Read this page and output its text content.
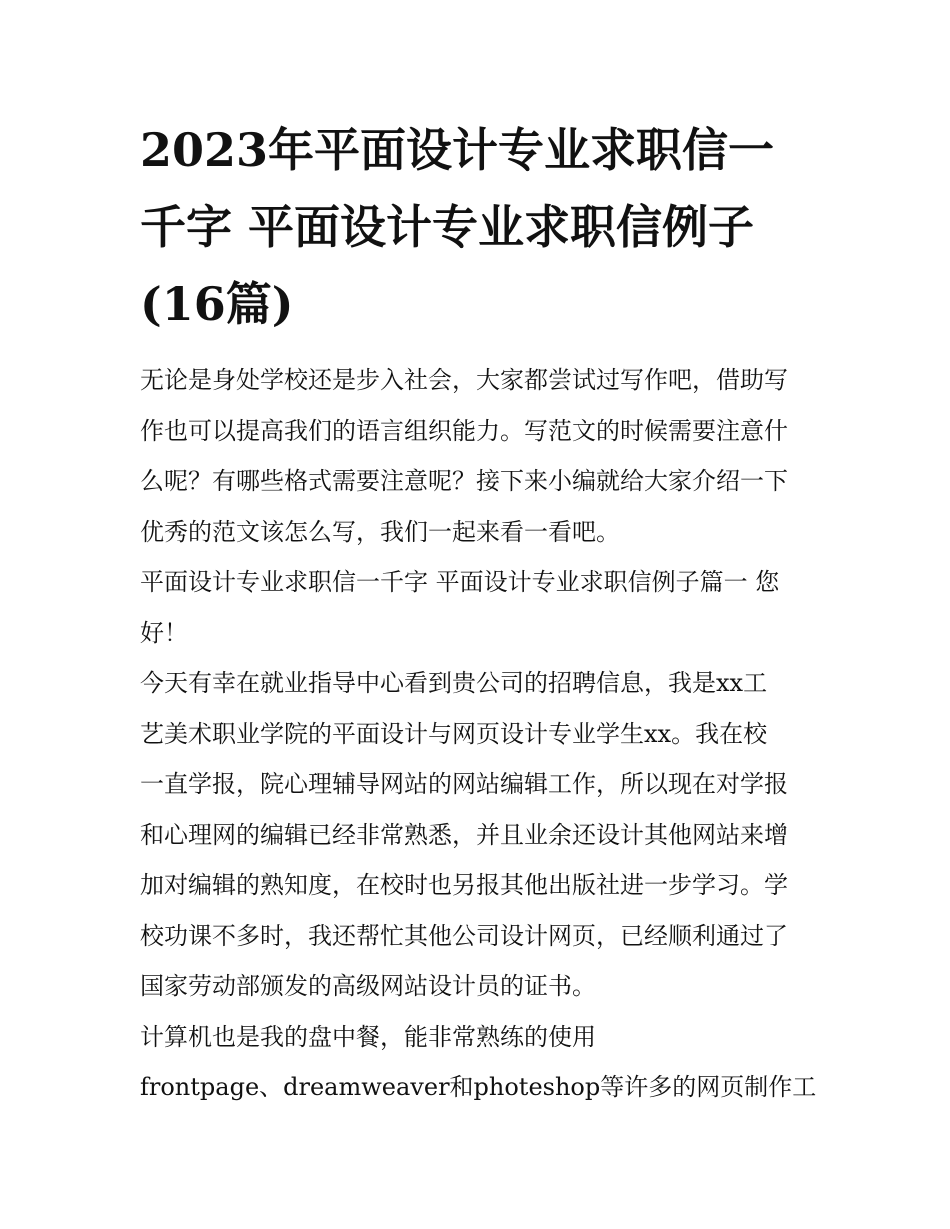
2023年平面设计专业求职信一
千字 平面设计专业求职信例子
(16篇)

无论是身处学校还是步入社会，大家都尝试过写作吧，借助写
作也可以提高我们的语言组织能力。写范文的时候需要注意什
么呢？有哪些格式需要注意呢？接下来小编就给大家介绍一下
优秀的范文该怎么写，我们一起来看一看吧。

平面设计专业求职信一千字 平面设计专业求职信例子篇一 您
好！

今天有幸在就业指导中心看到贵公司的招聘信息，我是xx工
艺美术职业学院的平面设计与网页设计专业学生xx。我在校
一直学报，院心理辅导网站的网站编辑工作，所以现在对学报
和心理网的编辑已经非常熟悉，并且业余还设计其他网站来增
加对编辑的熟知度，在校时也另报其他出版社进一步学习。学
校功课不多时，我还帮忙其他公司设计网页，已经顺利通过了
国家劳动部颁发的高级网站设计员的证书。

计算机也是我的盘中餐，能非常熟练的使用
frontpage、dreamweaver和photeshop等许多的网页制作工
